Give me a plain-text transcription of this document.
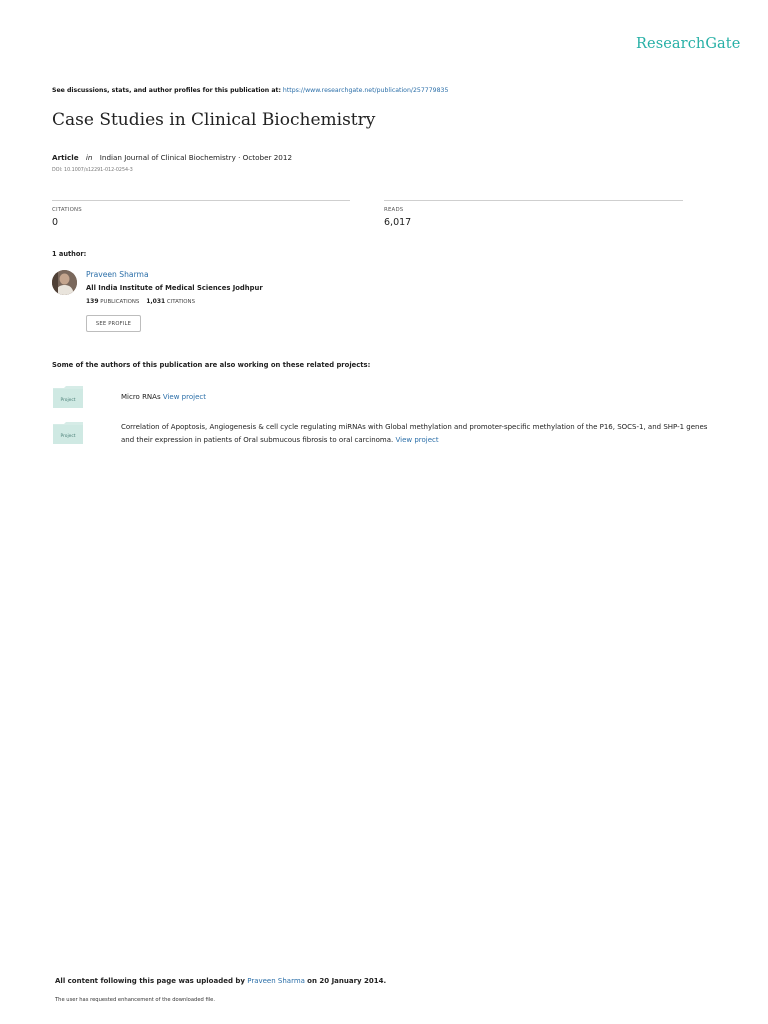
ResearchGate
See discussions, stats, and author profiles for this publication at: https://www.researchgate.net/publication/257779835
Case Studies in Clinical Biochemistry
Article in Indian Journal of Clinical Biochemistry · October 2012
DOI: 10.1007/s12291-012-0254-3
CITATIONS
0
READS
6,017
1 author:
Praveen Sharma
All India Institute of Medical Sciences Jodhpur
139 PUBLICATIONS 1,031 CITATIONS
SEE PROFILE
Some of the authors of this publication are also working on these related projects:
Project	Micro RNAs View project
Project
Correlation of Apoptosis, Angiogenesis & cell cycle regulating miRNAs with Global methylation and promoter-specific methylation of the P16, SOCS-1, and SHP-1 genes and their expression in patients of Oral submucous fibrosis to oral carcinoma. View project
All content following this page was uploaded by Praveen Sharma on 20 January 2014.
The user has requested enhancement of the downloaded file.
